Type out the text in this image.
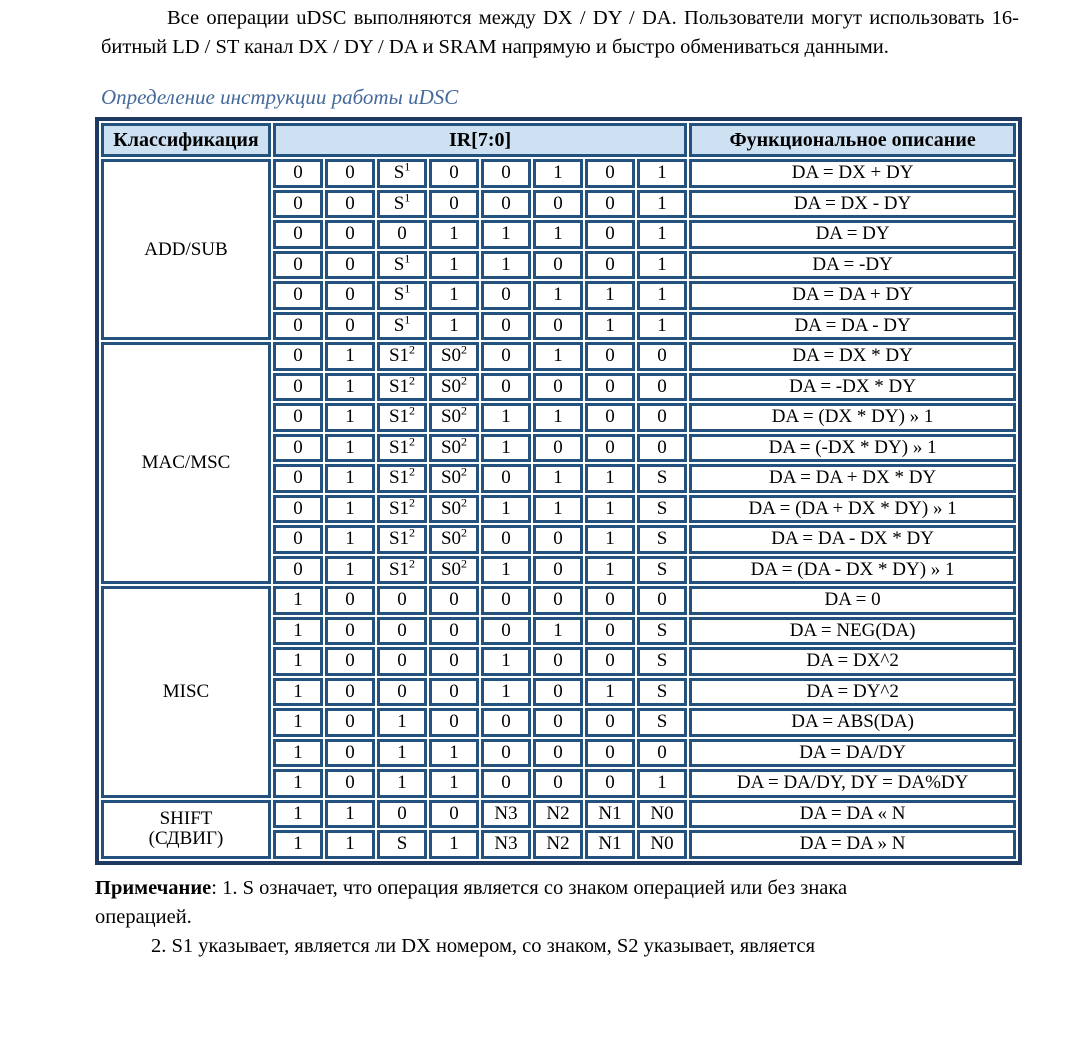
Все операции uDSC выполняются между DX / DY / DA. Пользователи могут использовать 16-битный LD / ST канал DX / DY / DA и SRAM напрямую и быстро обмениваться данными.

Определение инструкции работы uDSC
Классификация	IR[7:0]								Функциональное описание
ADD/SUB	0	0	$S^1$	0	0	1	0	1	DA = DX + DY
	0	0	$S^1$	0	0	0	0	1	DA = DX - DY
	0	0	0	1	1	1	0	1	DA = DY
	0	0	$S^1$	1	1	0	0	1	DA = -DY
	0	0	$S^1$	1	0	1	1	1	DA = DA + DY
	0	0	$S^1$	1	0	0	1	1	DA = DA - DY
MAC/MSC	0	1	$S1^2$	$S0^2$	0	1	0	0	DA = DX * DY
	0	1	$S1^2$	$S0^2$	0	0	0	0	DA = -DX * DY
	0	1	$S1^2$	$S0^2$	1	1	0	0	DA = (DX * DY) » 1
	0	1	$S1^2$	$S0^2$	1	0	0	0	DA = (-DX * DY) » 1
	0	1	$S1^2$	$S0^2$	0	1	1	S	DA = DA + DX * DY
	0	1	$S1^2$	$S0^2$	1	1	1	S	DA = (DA + DX * DY) » 1
	0	1	$S1^2$	$S0^2$	0	0	1	S	DA = DA - DX * DY
	0	1	$S1^2$	$S0^2$	1	0	1	S	DA = (DA - DX * DY) » 1
MISC	1	0	0	0	0	0	0	0	DA = 0
	1	0	0	0	0	1	0	S	DA = NEG(DA)
	1	0	0	0	1	0	0	S	DA = DX^2
	1	0	0	0	1	0	1	S	DA = DY^2
	1	0	1	0	0	0	0	S	DA = ABS(DA)
	1	0	1	1	0	0	0	0	DA = DA/DY
	1	0	1	1	0	0	0	1	DA = DA/DY, DY = DA%DY
SHIFT
(СДВИГ)	1	1	0	0	N3	N2	N1	N0	DA = DA « N
	1	1	S	1	N3	N2	N1	N0	DA = DA » N

Примечание: 1. S означает, что операция является со знаком операцией или без знака операцией.

2. S1 указывает, является ли DX номером, со знаком, S2 указывает, является
